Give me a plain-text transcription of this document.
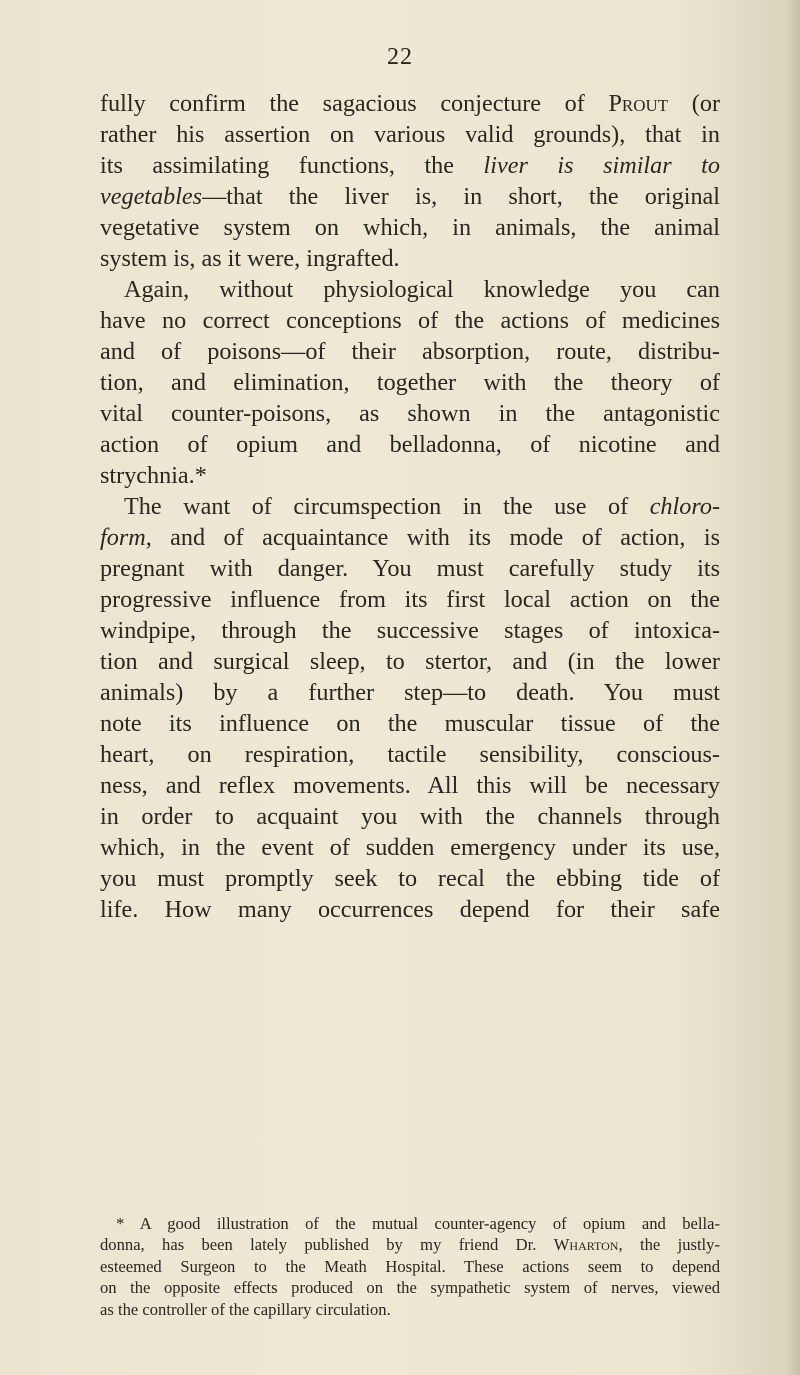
22
fully confirm the sagacious conjecture of Prout (or
rather his assertion on various valid grounds), that in
its assimilating functions, the liver is similar to
vegetables—that the liver is, in short, the original
vegetative system on which, in animals, the animal
system is, as it were, ingrafted.
Again, without physiological knowledge you can
have no correct conceptions of the actions of medicines
and of poisons—of their absorption, route, distribu-
tion, and elimination, together with the theory of
vital counter-poisons, as shown in the antagonistic
action of opium and belladonna, of nicotine and
strychnia.*
The want of circumspection in the use of chloro-
form, and of acquaintance with its mode of action, is
pregnant with danger. You must carefully study its
progressive influence from its first local action on the
windpipe, through the successive stages of intoxica-
tion and surgical sleep, to stertor, and (in the lower
animals) by a further step—to death. You must
note its influence on the muscular tissue of the
heart, on respiration, tactile sensibility, conscious-
ness, and reflex movements. All this will be necessary
in order to acquaint you with the channels through
which, in the event of sudden emergency under its use,
you must promptly seek to recal the ebbing tide of
life. How many occurrences depend for their safe
* A good illustration of the mutual counter-agency of opium and bella-
donna, has been lately published by my friend Dr. Wharton, the justly-
esteemed Surgeon to the Meath Hospital. These actions seem to depend
on the opposite effects produced on the sympathetic system of nerves, viewed
as the controller of the capillary circulation.
